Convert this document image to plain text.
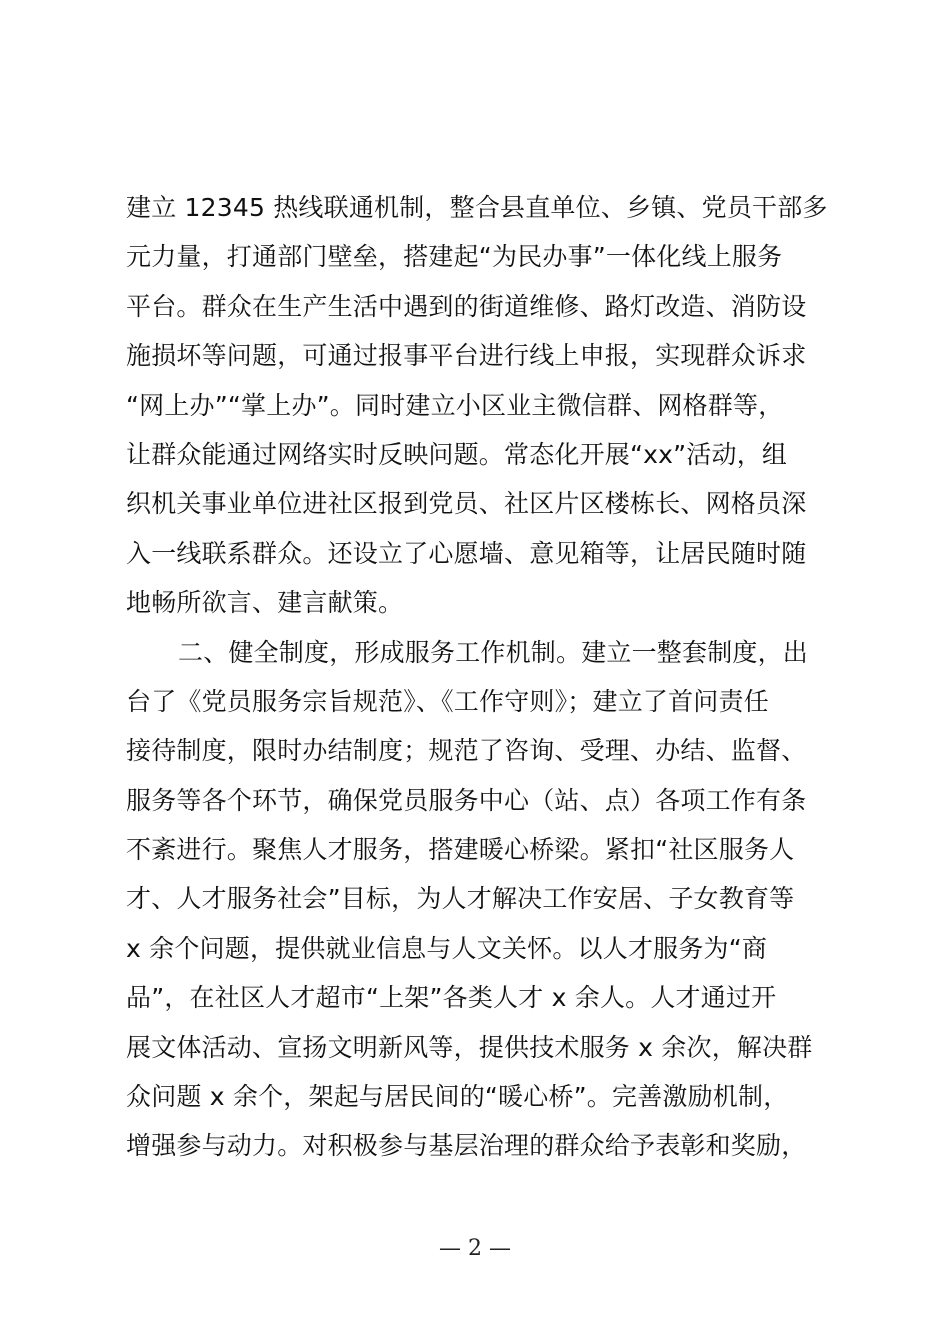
建立 12345 热线联通机制，整合县直单位、乡镇、党员干部多
元力量，打通部门壁垒，搭建起“为民办事”一体化线上服务
平台。群众在生产生活中遇到的街道维修、路灯改造、消防设
施损坏等问题，可通过报事平台进行线上申报，实现群众诉求
“网上办”“掌上办”。同时建立小区业主微信群、网格群等，
让群众能通过网络实时反映问题。常态化开展“xx”活动，组
织机关事业单位进社区报到党员、社区片区楼栋长、网格员深
入一线联系群众。还设立了心愿墙、意见箱等，让居民随时随
地畅所欲言、建言献策。
二、健全制度，形成服务工作机制。建立一整套制度，出
台了《党员服务宗旨规范》、《工作守则》；建立了首问责任
接待制度，限时办结制度；规范了咨询、受理、办结、监督、
服务等各个环节，确保党员服务中心（站、点）各项工作有条
不紊进行。聚焦人才服务，搭建暖心桥梁。紧扣“社区服务人
才、人才服务社会”目标，为人才解决工作安居、子女教育等
x 余个问题，提供就业信息与人文关怀。以人才服务为“商
品”，在社区人才超市“上架”各类人才 x 余人。人才通过开
展文体活动、宣扬文明新风等，提供技术服务 x 余次，解决群
众问题 x 余个，架起与居民间的“暖心桥”。完善激励机制，
增强参与动力。对积极参与基层治理的群众给予表彰和奖励，
— 2 —
